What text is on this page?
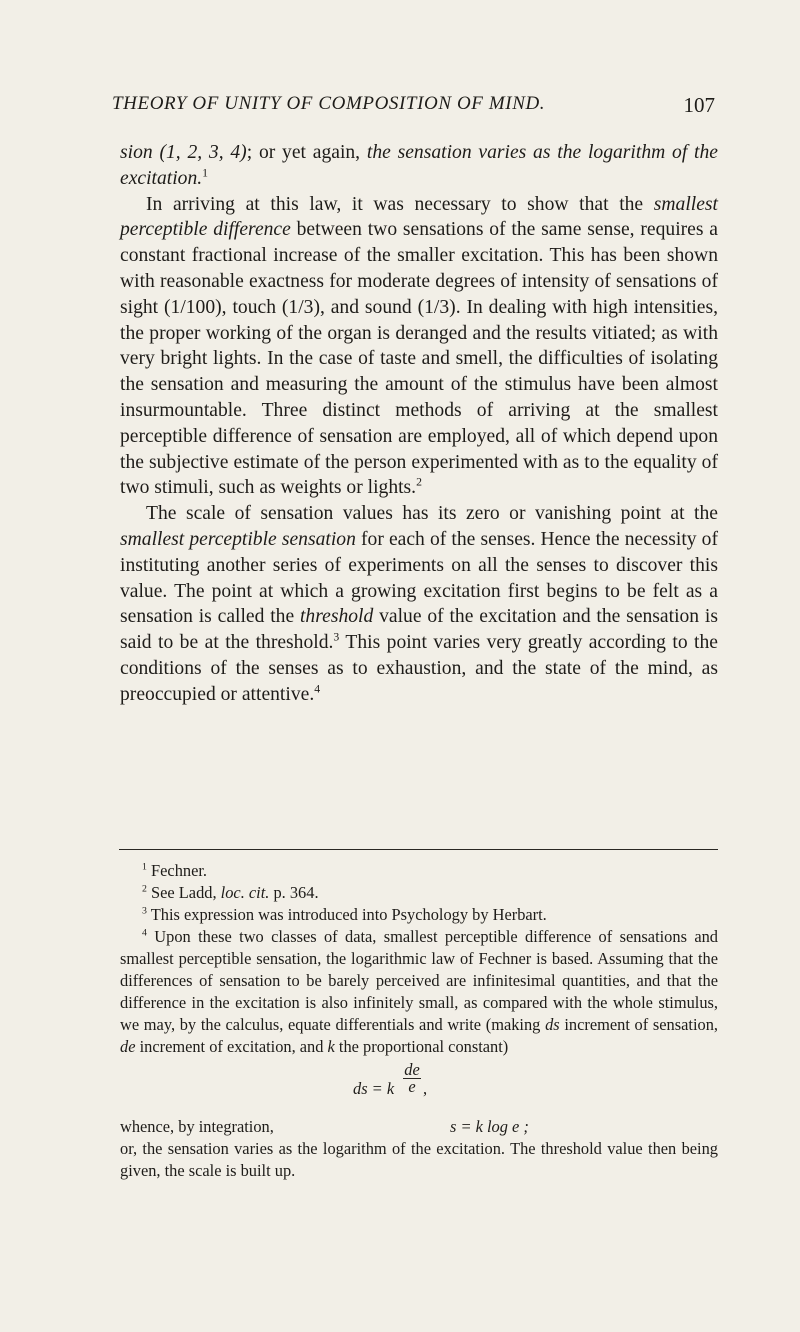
THEORY OF UNITY OF COMPOSITION OF MIND.	107

sion (1, 2, 3, 4); or yet again, the sensation varies as the logarithm of the excitation.$^1$

In arriving at this law, it was necessary to show that the smallest perceptible difference between two sensations of the same sense, requires a constant fractional increase of the smaller excitation. This has been shown with reasonable exactness for moderate degrees of intensity of sensations of sight (1/100), touch (1/3), and sound (1/3). In dealing with high intensities, the proper working of the organ is deranged and the results vitiated; as with very bright lights. In the case of taste and smell, the difficulties of isolating the sensation and measuring the amount of the stimulus have been almost insurmountable. Three distinct methods of arriving at the smallest perceptible difference of sensation are employed, all of which depend upon the subjective estimate of the person experimented with as to the equality of two stimuli, such as weights or lights.$^2$

The scale of sensation values has its zero or vanishing point at the smallest perceptible sensation for each of the senses. Hence the necessity of instituting another series of experiments on all the senses to discover this value. The point at which a growing excitation first begins to be felt as a sensation is called the threshold value of the excitation and the sensation is said to be at the threshold.$^3$ This point varies very greatly according to the conditions of the senses as to exhaustion, and the state of the mind, as preoccupied or attentive.$^4$

$^1$ Fechner.

$^2$ See Ladd, loc. cit. p. 364.

$^3$ This expression was introduced into Psychology by Herbart.

$^4$ Upon these two classes of data, smallest perceptible difference of sensations and smallest perceptible sensation, the logarithmic law of Fechner is based. Assuming that the differences of sensation to be barely perceived are infinitesimal quantities, and that the difference in the excitation is also infinitely small, as compared with the whole stimulus, we may, by the calculus, equate differentials and write (making ds increment of sensation, de increment of excitation, and k the proportional constant)

ds = k $\frac{de}{e}$ ,

whence, by integration,	s = k log e ;

or, the sensation varies as the logarithm of the excitation. The threshold value then being given, the scale is built up.
